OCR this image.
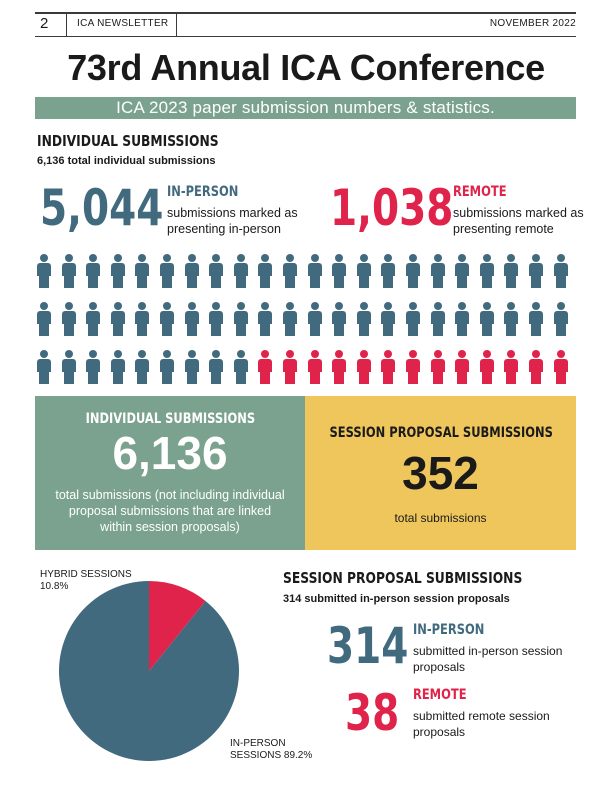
2	ICA NEWSLETTER	NOVEMBER 2022
73rd Annual ICA Conference
ICA 2023 paper submission numbers & statistics.
INDIVIDUAL SUBMISSIONS
6,136 total individual submissions
5,044 IN-PERSON
submissions marked as presenting in-person 1,038 REMOTE
submissions marked as presenting remote
INDIVIDUAL SUBMISSIONS
6,136
total submissions (not including individual proposal submissions that are linked within session proposals)
SESSION PROPOSAL SUBMISSIONS
352
total submissions
HYBRID SESSIONS
10.8%
IN-PERSON
SESSIONS 89.2%
SESSION PROPOSAL SUBMISSIONS
314 submitted in-person session proposals
314 IN-PERSON
submitted in-person session proposals
38 REMOTE
submitted remote session proposals
